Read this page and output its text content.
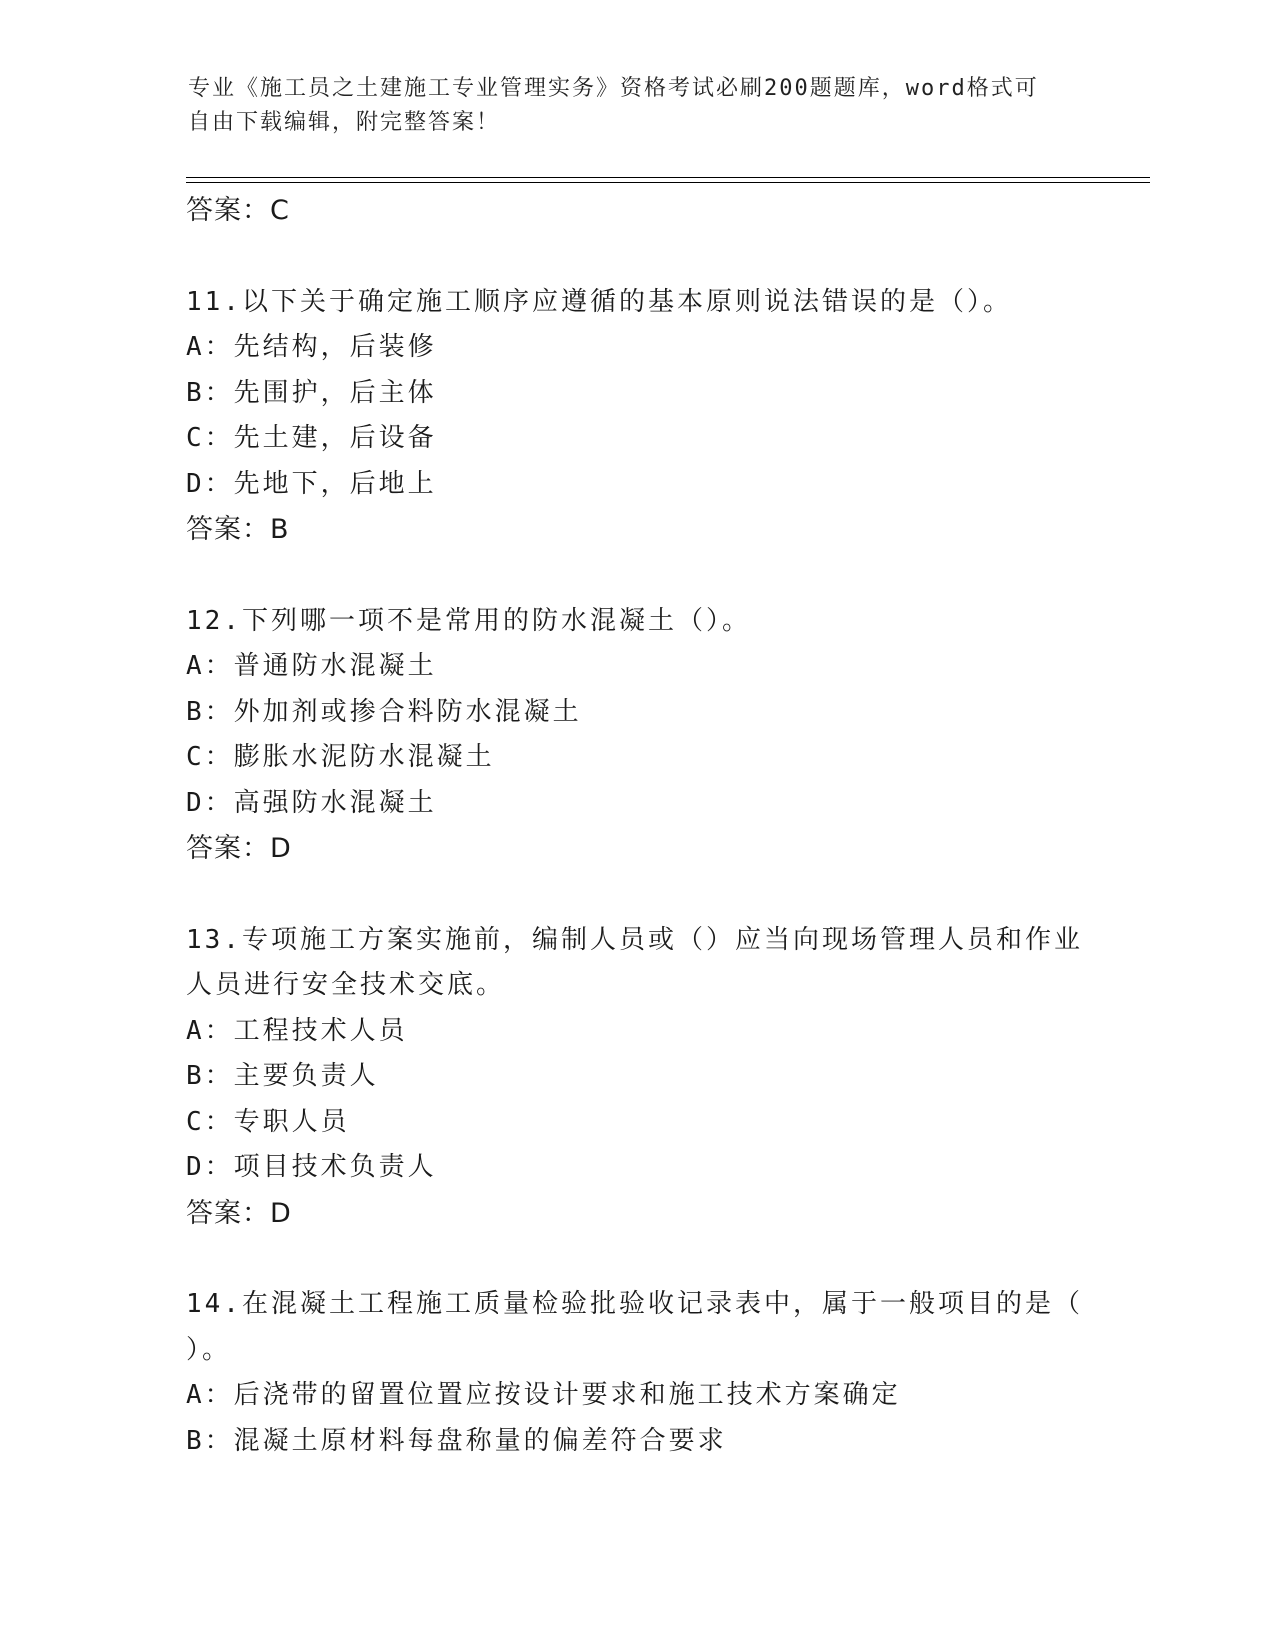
专业《施工员之土建施工专业管理实务》资格考试必刷200题题库，word格式可
自由下载编辑，附完整答案！
答案：C
11.以下关于确定施工顺序应遵循的基本原则说法错误的是（）。
A：先结构，后装修
B：先围护，后主体
C：先土建，后设备
D：先地下，后地上
答案：B
12.下列哪一项不是常用的防水混凝土（）。
A：普通防水混凝土
B：外加剂或掺合料防水混凝土
C：膨胀水泥防水混凝土
D：高强防水混凝土
答案：D
13.专项施工方案实施前，编制人员或（）应当向现场管理人员和作业
人员进行安全技术交底。
A：工程技术人员
B：主要负责人
C：专职人员
D：项目技术负责人
答案：D
14.在混凝土工程施工质量检验批验收记录表中，属于一般项目的是（
）。
A：后浇带的留置位置应按设计要求和施工技术方案确定
B：混凝土原材料每盘称量的偏差符合要求
